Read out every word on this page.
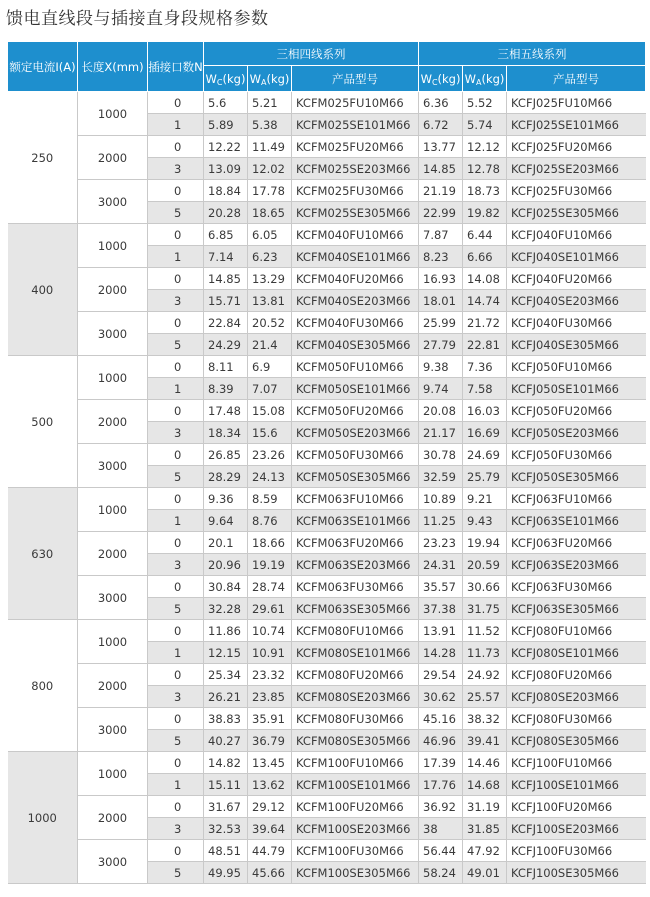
馈电直线段与插接直身段规格参数
额定电流I(A)	长度X(mm)	插接口数N	三相四线系列			三相五线系列		
			WC(kg)	WA(kg)	产品型号	WC(kg)	WA(kg)	产品型号
250	1000	0	5.6	5.21	KCFM025FU10M66	6.36	5.52	KCFJ025FU10M66
		1	5.89	5.38	KCFM025SE101M66	6.72	5.74	KCFJ025SE101M66
	2000	0	12.22	11.49	KCFM025FU20M66	13.77	12.12	KCFJ025FU20M66
		3	13.09	12.02	KCFM025SE203M66	14.85	12.78	KCFJ025SE203M66
	3000	0	18.84	17.78	KCFM025FU30M66	21.19	18.73	KCFJ025FU30M66
		5	20.28	18.65	KCFM025SE305M66	22.99	19.82	KCFJ025SE305M66
400	1000	0	6.85	6.05	KCFM040FU10M66	7.87	6.44	KCFJ040FU10M66
		1	7.14	6.23	KCFM040SE101M66	8.23	6.66	KCFJ040SE101M66
	2000	0	14.85	13.29	KCFM040FU20M66	16.93	14.08	KCFJ040FU20M66
		3	15.71	13.81	KCFM040SE203M66	18.01	14.74	KCFJ040SE203M66
	3000	0	22.84	20.52	KCFM040FU30M66	25.99	21.72	KCFJ040FU30M66
		5	24.29	21.4	KCFM040SE305M66	27.79	22.81	KCFJ040SE305M66
500	1000	0	8.11	6.9	KCFM050FU10M66	9.38	7.36	KCFJ050FU10M66
		1	8.39	7.07	KCFM050SE101M66	9.74	7.58	KCFJ050SE101M66
	2000	0	17.48	15.08	KCFM050FU20M66	20.08	16.03	KCFJ050FU20M66
		3	18.34	15.6	KCFM050SE203M66	21.17	16.69	KCFJ050SE203M66
	3000	0	26.85	23.26	KCFM050FU30M66	30.78	24.69	KCFJ050FU30M66
		5	28.29	24.13	KCFM050SE305M66	32.59	25.79	KCFJ050SE305M66
630	1000	0	9.36	8.59	KCFM063FU10M66	10.89	9.21	KCFJ063FU10M66
		1	9.64	8.76	KCFM063SE101M66	11.25	9.43	KCFJ063SE101M66
	2000	0	20.1	18.66	KCFM063FU20M66	23.23	19.94	KCFJ063FU20M66
		3	20.96	19.19	KCFM063SE203M66	24.31	20.59	KCFJ063SE203M66
	3000	0	30.84	28.74	KCFM063FU30M66	35.57	30.66	KCFJ063FU30M66
		5	32.28	29.61	KCFM063SE305M66	37.38	31.75	KCFJ063SE305M66
800	1000	0	11.86	10.74	KCFM080FU10M66	13.91	11.52	KCFJ080FU10M66
		1	12.15	10.91	KCFM080SE101M66	14.28	11.73	KCFJ080SE101M66
	2000	0	25.34	23.32	KCFM080FU20M66	29.54	24.92	KCFJ080FU20M66
		3	26.21	23.85	KCFM080SE203M66	30.62	25.57	KCFJ080SE203M66
	3000	0	38.83	35.91	KCFM080FU30M66	45.16	38.32	KCFJ080FU30M66
		5	40.27	36.79	KCFM080SE305M66	46.96	39.41	KCFJ080SE305M66
1000	1000	0	14.82	13.45	KCFM100FU10M66	17.39	14.46	KCFJ100FU10M66
		1	15.11	13.62	KCFM100SE101M66	17.76	14.68	KCFJ100SE101M66
	2000	0	31.67	29.12	KCFM100FU20M66	36.92	31.19	KCFJ100FU20M66
		3	32.53	39.64	KCFM100SE203M66	38	31.85	KCFJ100SE203M66
	3000	0	48.51	44.79	KCFM100FU30M66	56.44	47.92	KCFJ100FU30M66
		5	49.95	45.66	KCFM100SE305M66	58.24	49.01	KCFJ100SE305M66
